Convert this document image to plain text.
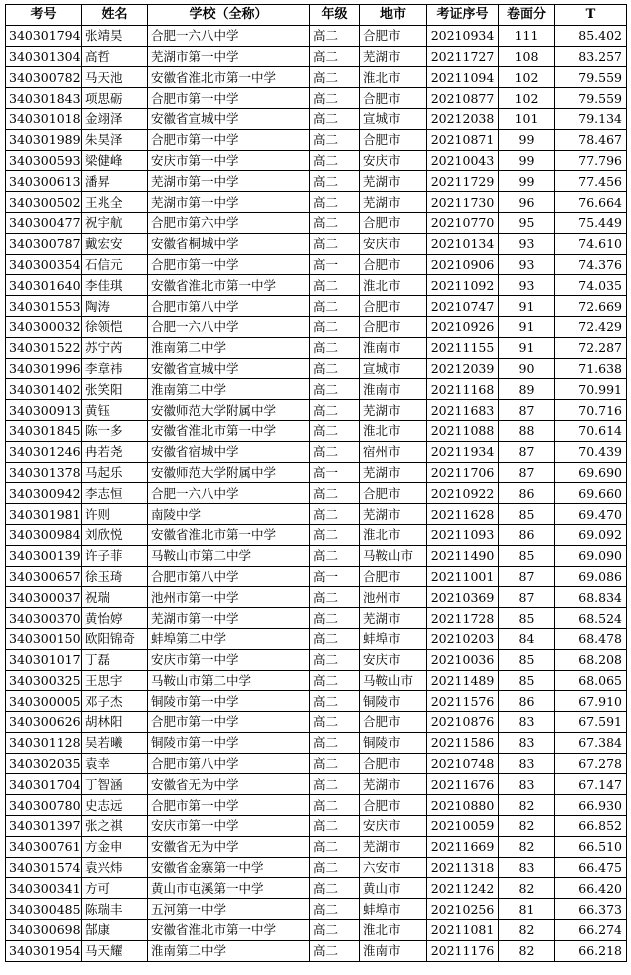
考号	姓名	学校（全称）	年级	地市	考证序号	卷面分	T
340301794	张靖昊	合肥一六八中学	高二	合肥市	20210934	111	85.402
340301304	高哲	芜湖市第一中学	高二	芜湖市	20211727	108	83.257
340300782	马天池	安徽省淮北市第一中学	高二	淮北市	20211094	102	79.559
340301843	项思砺	合肥市第一中学	高二	合肥市	20210877	102	79.559
340301018	金翊泽	安徽省宣城中学	高二	宣城市	20212038	101	79.134
340301989	朱昊泽	合肥市第一中学	高二	合肥市	20210871	99	78.467
340300593	梁健峰	安庆市第一中学	高二	安庆市	20210043	99	77.796
340300613	潘昇	芜湖市第一中学	高二	芜湖市	20211729	99	77.456
340300502	王兆全	芜湖市第一中学	高二	芜湖市	20211730	96	76.664
340300477	祝宇航	合肥市第六中学	高二	合肥市	20210770	95	75.449
340300787	戴宏安	安徽省桐城中学	高二	安庆市	20210134	93	74.610
340300354	石信元	合肥市第一中学	高一	合肥市	20210906	93	74.376
340301640	李佳琪	安徽省淮北市第一中学	高二	淮北市	20211092	93	74.035
340301553	陶涛	合肥市第八中学	高二	合肥市	20210747	91	72.669
340300032	徐领恺	合肥一六八中学	高二	合肥市	20210926	91	72.429
340301522	苏宁芮	淮南第二中学	高二	淮南市	20211155	91	72.287
340301996	李章祎	安徽省宣城中学	高二	宣城市	20212039	90	71.638
340301402	张笑阳	淮南第二中学	高二	淮南市	20211168	89	70.991
340300913	黄钰	安徽师范大学附属中学	高二	芜湖市	20211683	87	70.716
340301845	陈一多	安徽省淮北市第一中学	高二	淮北市	20211088	88	70.614
340301246	冉若尧	安徽省宿城中学	高二	宿州市	20211934	87	70.439
340301378	马起乐	安徽师范大学附属中学	高一	芜湖市	20211706	87	69.690
340300942	李志恒	合肥一六八中学	高二	合肥市	20210922	86	69.660
340301981	许则	南陵中学	高二	芜湖市	20211628	85	69.470
340300984	刘欣悦	安徽省淮北市第一中学	高二	淮北市	20211093	86	69.092
340300139	许子菲	马鞍山市第二中学	高二	马鞍山市	20211490	85	69.090
340300657	徐玉琦	合肥市第八中学	高一	合肥市	20211001	87	69.086
340300037	祝瑞	池州市第一中学	高二	池州市	20210369	87	68.834
340300370	黄怡婷	芜湖市第一中学	高二	芜湖市	20211728	85	68.524
340300150	欧阳锦奇	蚌埠第二中学	高二	蚌埠市	20210203	84	68.478
340301017	丁磊	安庆市第一中学	高二	安庆市	20210036	85	68.208
340300325	王思宇	马鞍山市第二中学	高二	马鞍山市	20211489	85	68.065
340300005	邓子杰	铜陵市第一中学	高二	铜陵市	20211576	86	67.910
340300626	胡林阳	合肥市第一中学	高二	合肥市	20210876	83	67.591
340301128	吴若曦	铜陵市第一中学	高二	铜陵市	20211586	83	67.384
340302035	袁幸	合肥市第八中学	高二	合肥市	20210748	83	67.278
340301704	丁智涵	安徽省无为中学	高二	芜湖市	20211676	83	67.147
340300780	史志远	合肥市第一中学	高二	合肥市	20210880	82	66.930
340301397	张之祺	安庆市第一中学	高二	安庆市	20210059	82	66.852
340300761	方金申	安徽省无为中学	高二	芜湖市	20211669	82	66.510
340301574	袁兴炜	安徽省金寨第一中学	高二	六安市	20211318	83	66.475
340300341	方可	黄山市屯溪第一中学	高二	黄山市	20211242	82	66.420
340300485	陈瑞丰	五河第一中学	高二	蚌埠市	20210256	81	66.373
340300698	郜康	安徽省淮北市第一中学	高二	淮北市	20211081	82	66.274
340301954	马天耀	淮南第二中学	高二	淮南市	20211176	82	66.218
